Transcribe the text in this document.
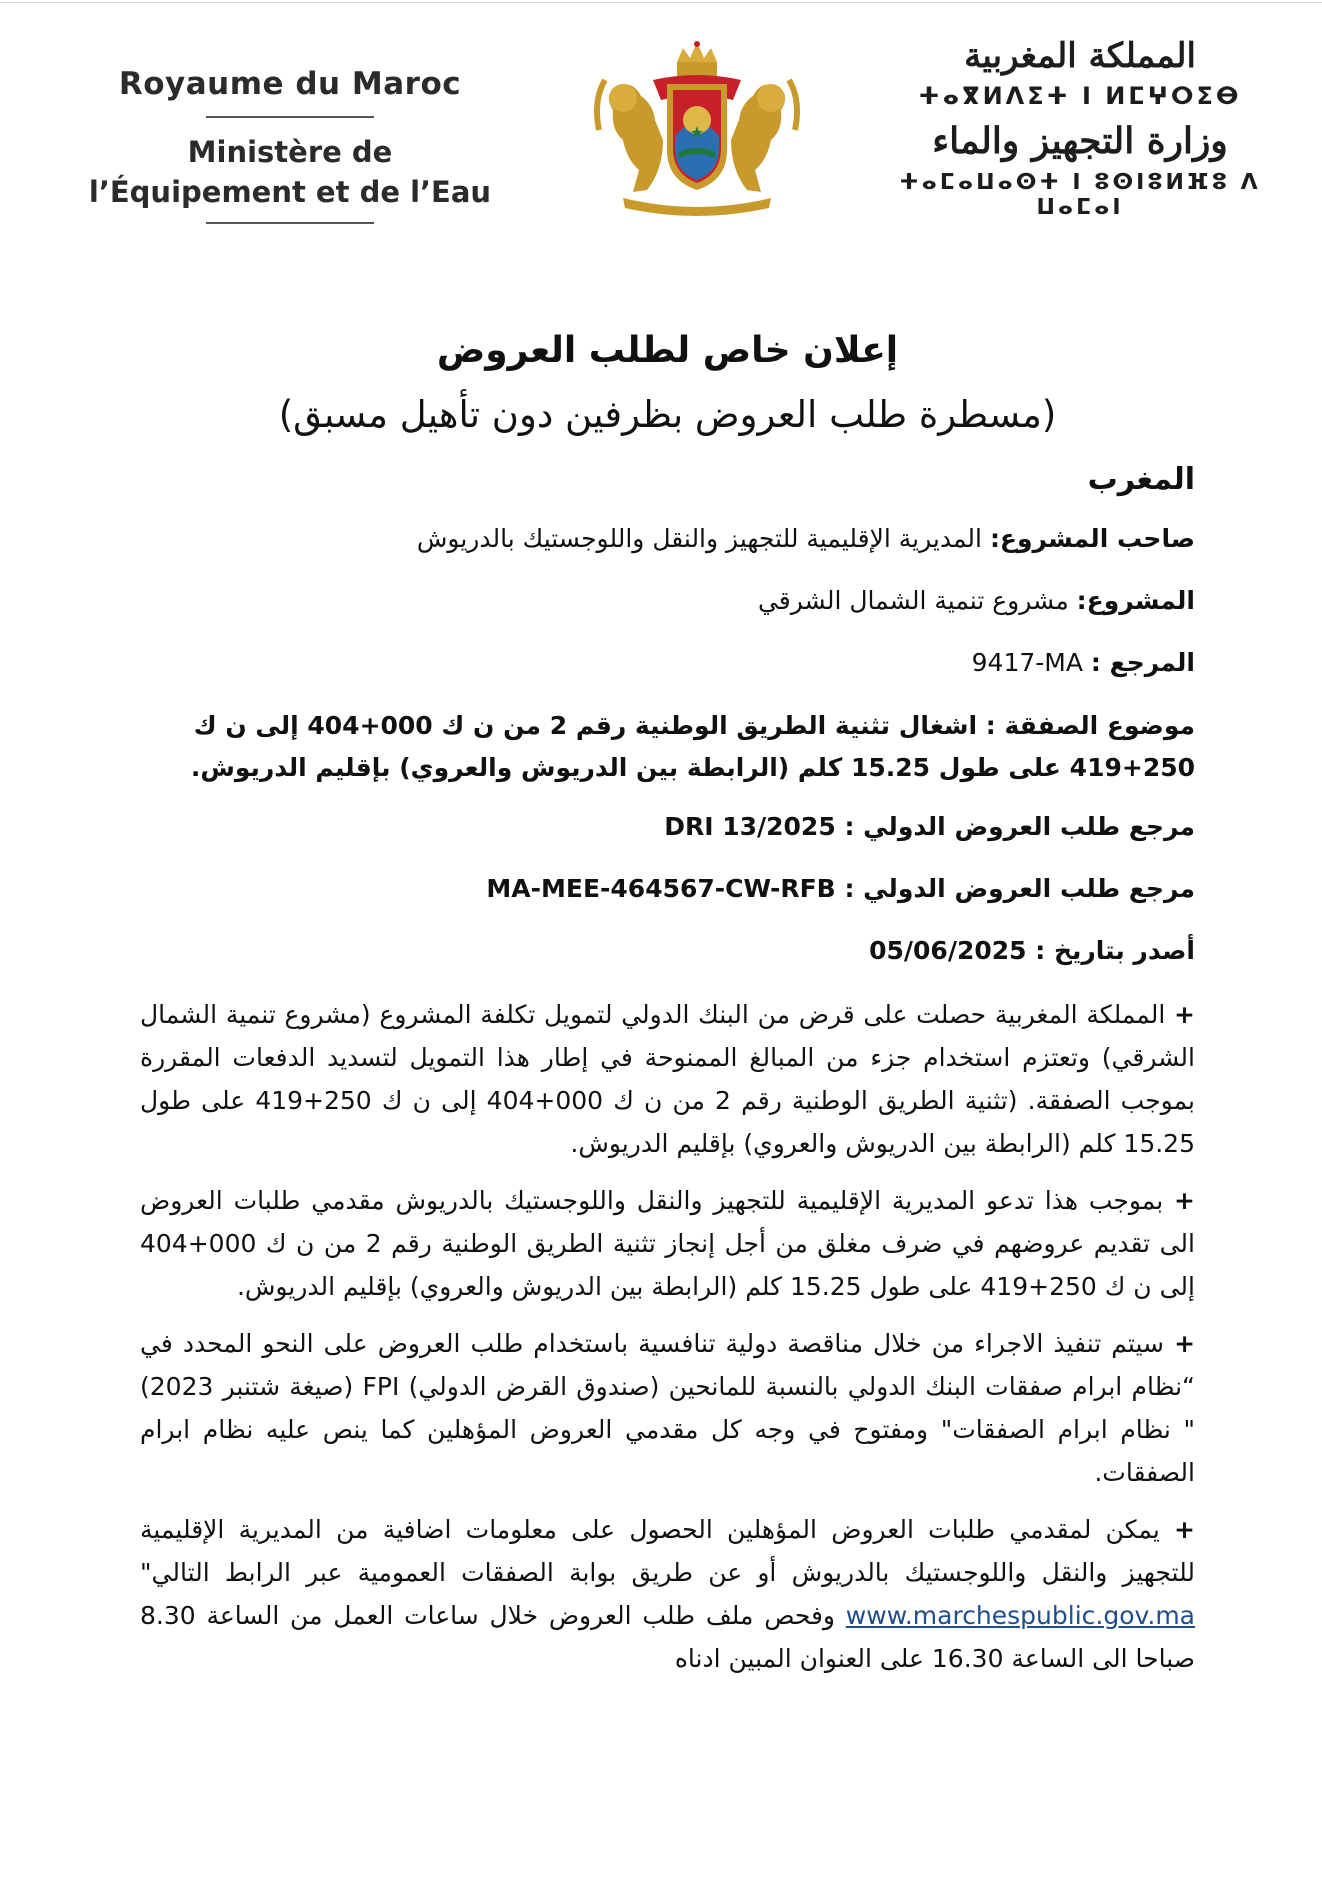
Royaume du Maroc
Ministère de
l’Équipement et de l’Eau
المملكة المغربية
ⵜⴰⴳⵍⴷⵉⵜ ⵏ ⵍⵎⵖⵔⵉⴱ
وزارة التجهيز والماء
ⵜⴰⵎⴰⵡⴰⵙⵜ ⵏ ⵓⵙⵏⵓⵍⴼⵓ ⴷ ⵡⴰⵎⴰⵏ
إعلان خاص لطلب العروض
(مسطرة طلب العروض بظرفين دون تأهيل مسبق)
المغرب
صاحب المشروع: المديرية الإقليمية للتجهيز والنقل واللوجستيك بالدريوش
المشروع: مشروع تنمية الشمال الشرقي
المرجع : 9417-MA
موضوع الصفقة : اشغال تثنية الطريق الوطنية رقم 2 من ن ك 000+404 إلى ن ك 250+419 على طول 15.25 كلم (الرابطة بين الدريوش والعروي) بإقليم الدريوش.
مرجع طلب العروض الدولي : DRI 13/2025
مرجع طلب العروض الدولي : MA-MEE-464567-CW-RFB
أصدر بتاريخ 05/06/2025 :
+ المملكة المغربية حصلت على قرض من البنك الدولي لتمويل تكلفة المشروع (مشروع تنمية الشمال الشرقي) وتعتزم استخدام جزء من المبالغ الممنوحة في إطار هذا التمويل لتسديد الدفعات المقررة بموجب الصفقة. (تثنية الطريق الوطنية رقم 2 من ن ك 000+404 إلى ن ك 250+419 على طول 15.25 كلم (الرابطة بين الدريوش والعروي) بإقليم الدريوش.
+ بموجب هذا تدعو المديرية الإقليمية للتجهيز والنقل واللوجستيك بالدريوش مقدمي طلبات العروض الى تقديم عروضهم في ضرف مغلق من أجل إنجاز تثنية الطريق الوطنية رقم 2 من ن ك 000+404 إلى ن ك 250+419 على طول 15.25 كلم (الرابطة بين الدريوش والعروي) بإقليم الدريوش.
+ سيتم تنفيذ الاجراء من خلال مناقصة دولية تنافسية باستخدام طلب العروض على النحو المحدد في “نظام ابرام صفقات البنك الدولي بالنسبة للمانحين (صندوق القرض الدولي) FPI (صيغة شتنبر 2023) " نظام ابرام الصفقات" ومفتوح في وجه كل مقدمي العروض المؤهلين كما ينص عليه نظام ابرام الصفقات.
+ يمكن لمقدمي طلبات العروض المؤهلين الحصول على معلومات اضافية من المديرية الإقليمية للتجهيز والنقل واللوجستيك بالدريوش أو عن طريق بوابة الصفقات العمومية عبر الرابط التالي" www.marchespublic.gov.ma وفحص ملف طلب العروض خلال ساعات العمل من الساعة 8.30 صباحا الى الساعة 16.30 على العنوان المبين ادناه
